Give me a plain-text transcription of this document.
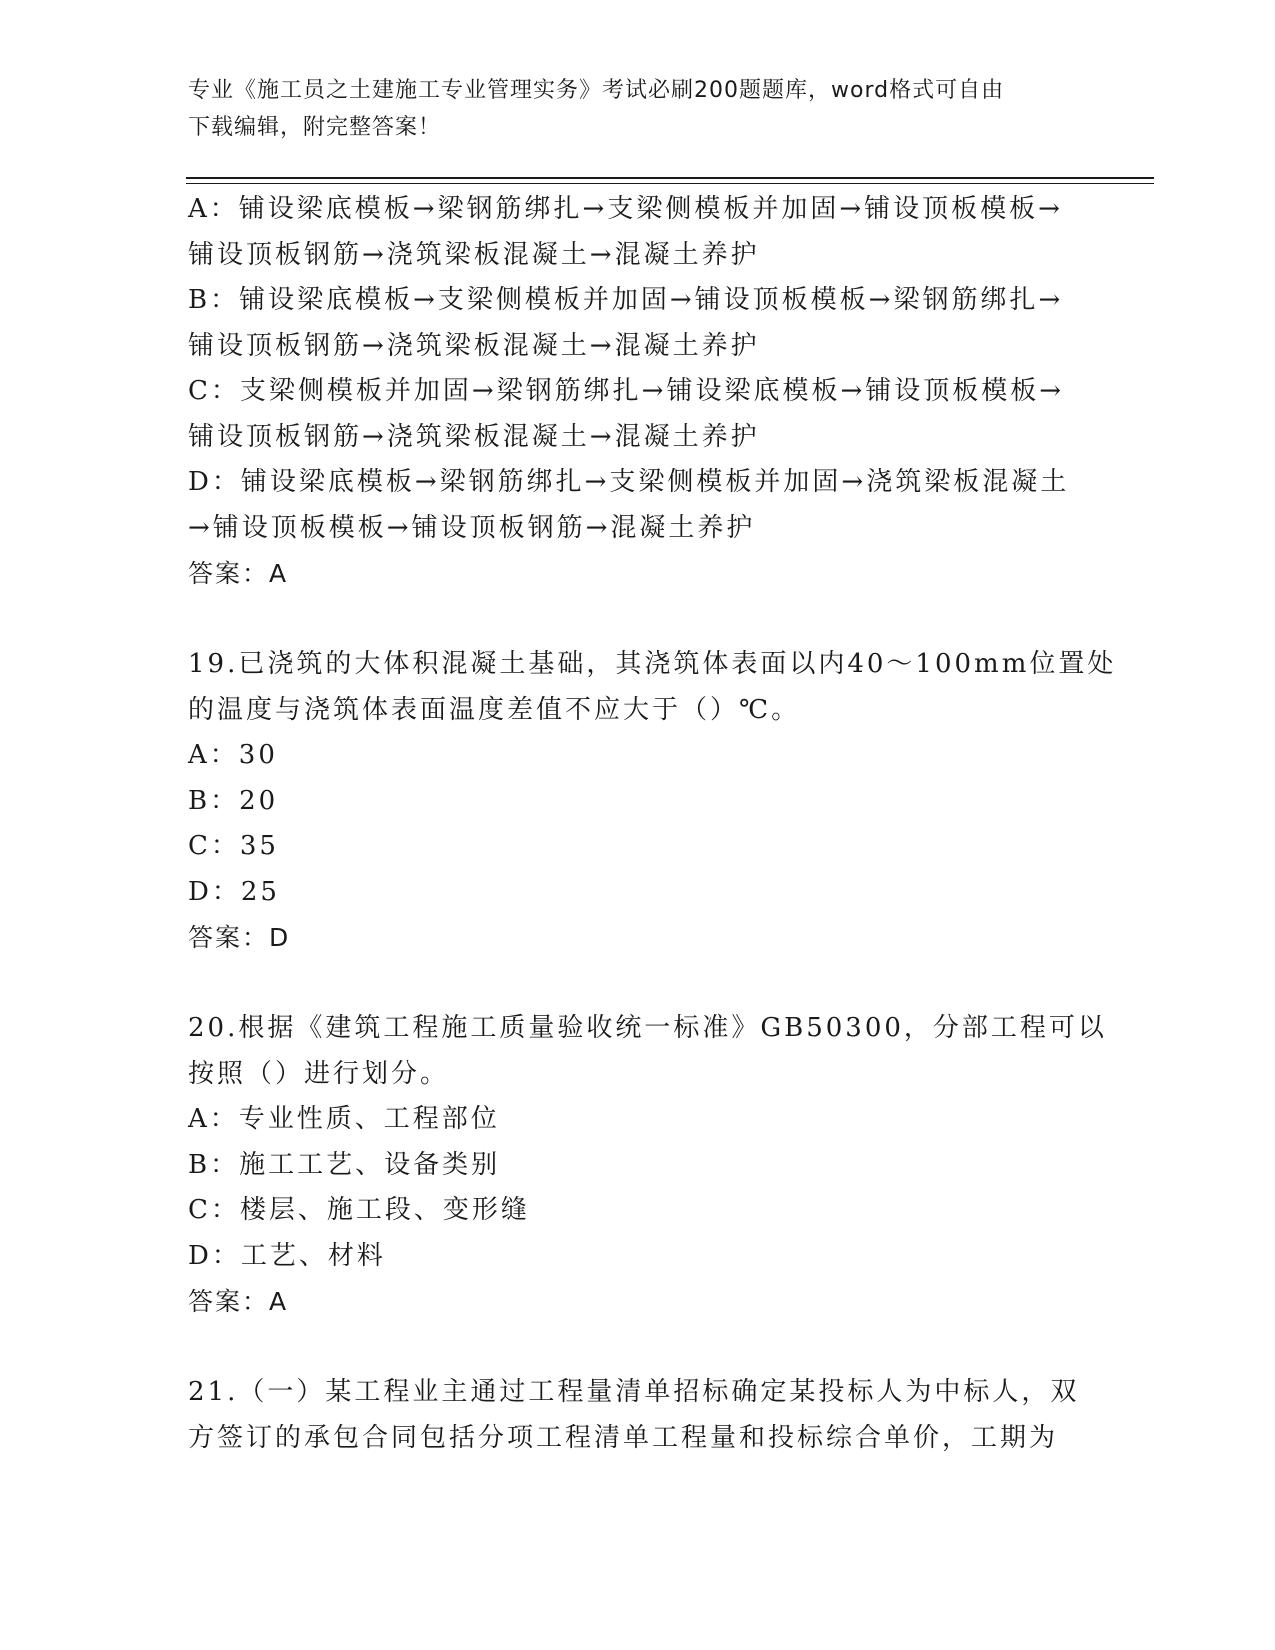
专业《施工员之土建施工专业管理实务》考试必刷200题题库，word格式可自由
下载编辑，附完整答案！
A：铺设梁底模板→梁钢筋绑扎→支梁侧模板并加固→铺设顶板模板→
铺设顶板钢筋→浇筑梁板混凝土→混凝土养护
B：铺设梁底模板→支梁侧模板并加固→铺设顶板模板→梁钢筋绑扎→
铺设顶板钢筋→浇筑梁板混凝土→混凝土养护
C：支梁侧模板并加固→梁钢筋绑扎→铺设梁底模板→铺设顶板模板→
铺设顶板钢筋→浇筑梁板混凝土→混凝土养护
D：铺设梁底模板→梁钢筋绑扎→支梁侧模板并加固→浇筑梁板混凝土
→铺设顶板模板→铺设顶板钢筋→混凝土养护
答案：A
19.已浇筑的大体积混凝土基础，其浇筑体表面以内40～100mm位置处
的温度与浇筑体表面温度差值不应大于（）℃。
A：30
B：20
C：35
D：25
答案：D
20.根据《建筑工程施工质量验收统一标准》GB50300，分部工程可以
按照（）进行划分。
A：专业性质、工程部位
B：施工工艺、设备类别
C：楼层、施工段、变形缝
D：工艺、材料
答案：A
21.（一）某工程业主通过工程量清单招标确定某投标人为中标人，双
方签订的承包合同包括分项工程清单工程量和投标综合单价，工期为
